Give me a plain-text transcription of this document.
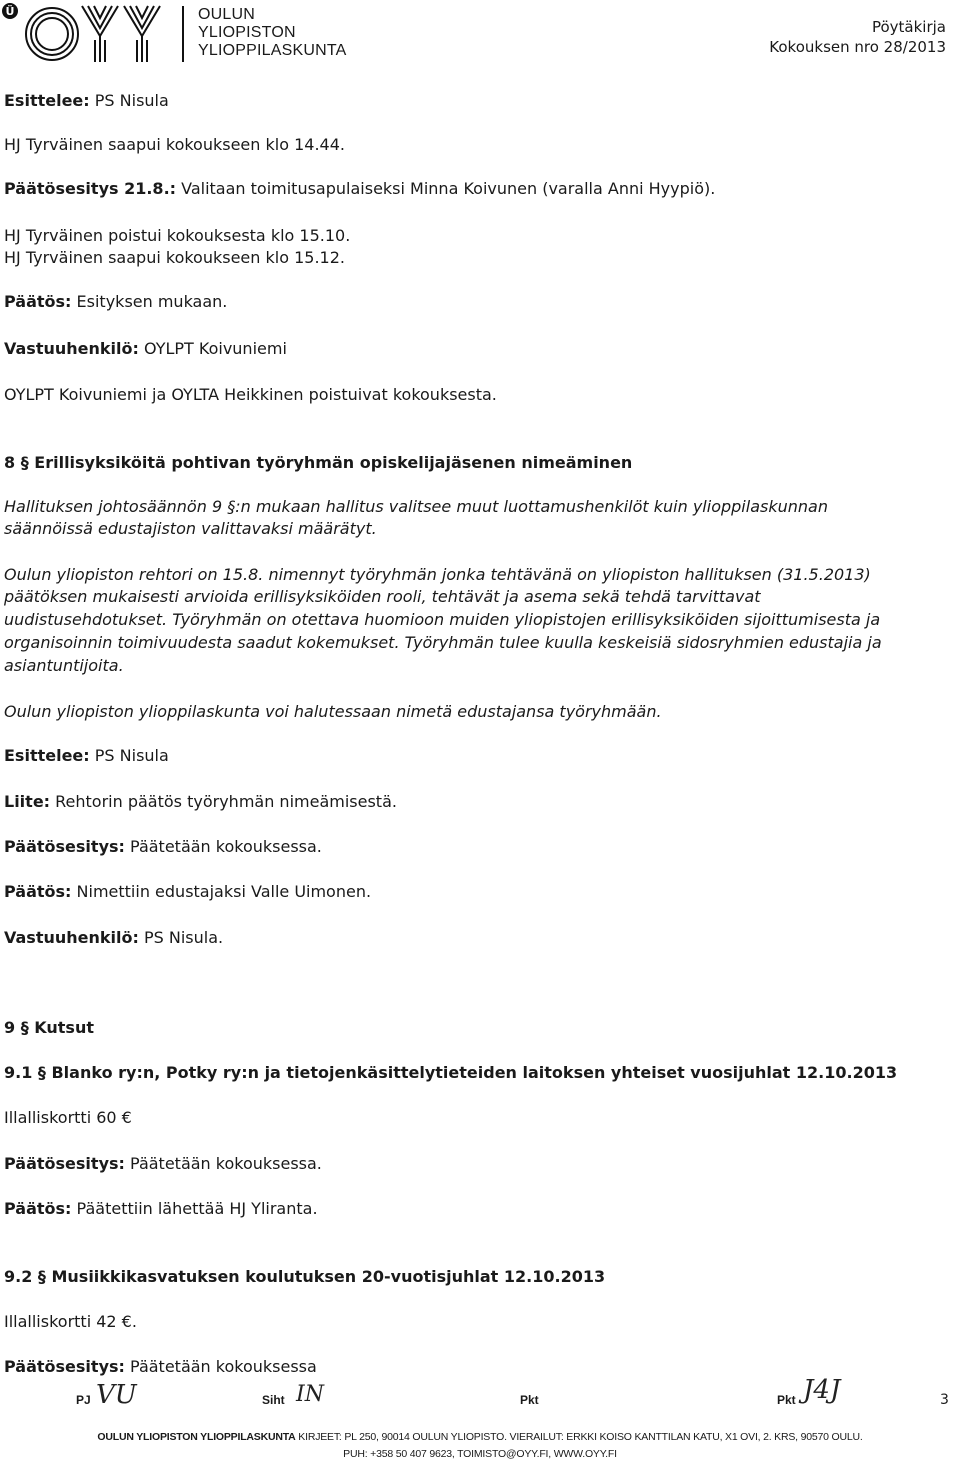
Ü	OULUN
YLIOPISTON
YLIOPPILASKUNTA
Pöytäkirja
Kokouksen nro 28/2013
Esittelee: PS Nisula
HJ Tyrväinen saapui kokoukseen klo 14.44.
Päätösesitys 21.8.: Valitaan toimitusapulaiseksi Minna Koivunen (varalla Anni Hyypiö).
HJ Tyrväinen poistui kokouksesta klo 15.10.
HJ Tyrväinen saapui kokoukseen klo 15.12.
Päätös: Esityksen mukaan.
Vastuuhenkilö: OYLPT Koivuniemi
OYLPT Koivuniemi ja OYLTA Heikkinen poistuivat kokouksesta.
8 § Erillisyksiköitä pohtivan työryhmän opiskelijajäsenen nimeäminen
Hallituksen johtosäännön 9 §:n mukaan hallitus valitsee muut luottamushenkilöt kuin ylioppilaskunnan
säännöissä edustajiston valittavaksi määrätyt.
Oulun yliopiston rehtori on 15.8. nimennyt työryhmän jonka tehtävänä on yliopiston hallituksen (31.5.2013)
päätöksen mukaisesti arvioida erillisyksiköiden rooli, tehtävät ja asema sekä tehdä tarvittavat
uudistusehdotukset. Työryhmän on otettava huomioon muiden yliopistojen erillisyksiköiden sijoittumisesta ja
organisoinnin toimivuudesta saadut kokemukset. Työryhmän tulee kuulla keskeisiä sidosryhmien edustajia ja
asiantuntijoita.
Oulun yliopiston ylioppilaskunta voi halutessaan nimetä edustajansa työryhmään.
Esittelee: PS Nisula
Liite: Rehtorin päätös työryhmän nimeämisestä.
Päätösesitys: Päätetään kokouksessa.
Päätös: Nimettiin edustajaksi Valle Uimonen.
Vastuuhenkilö: PS Nisula.
9 § Kutsut
9.1 § Blanko ry:n, Potky ry:n ja tietojenkäsittelytieteiden laitoksen yhteiset vuosijuhlat 12.10.2013
Illalliskortti 60 €
Päätösesitys: Päätetään kokouksessa.
Päätös: Päätettiin lähettää HJ Yliranta.
9.2 § Musiikkikasvatuksen koulutuksen 20-vuotisjuhlat 12.10.2013
Illalliskortti 42 €.
Päätösesitys: Päätetään kokouksessa
PJ VU	Siht IN	Pkt	Pkt J4J	3
OULUN YLIOPISTON YLIOPPILASKUNTA KIRJEET: PL 250, 90014 OULUN YLIOPISTO. VIERAILUT: ERKKI KOISO KANTTILAN KATU, X1 OVI, 2. KRS, 90570 OULU.
PUH: +358 50 407 9623, TOIMISTO@OYY.FI, WWW.OYY.FI
